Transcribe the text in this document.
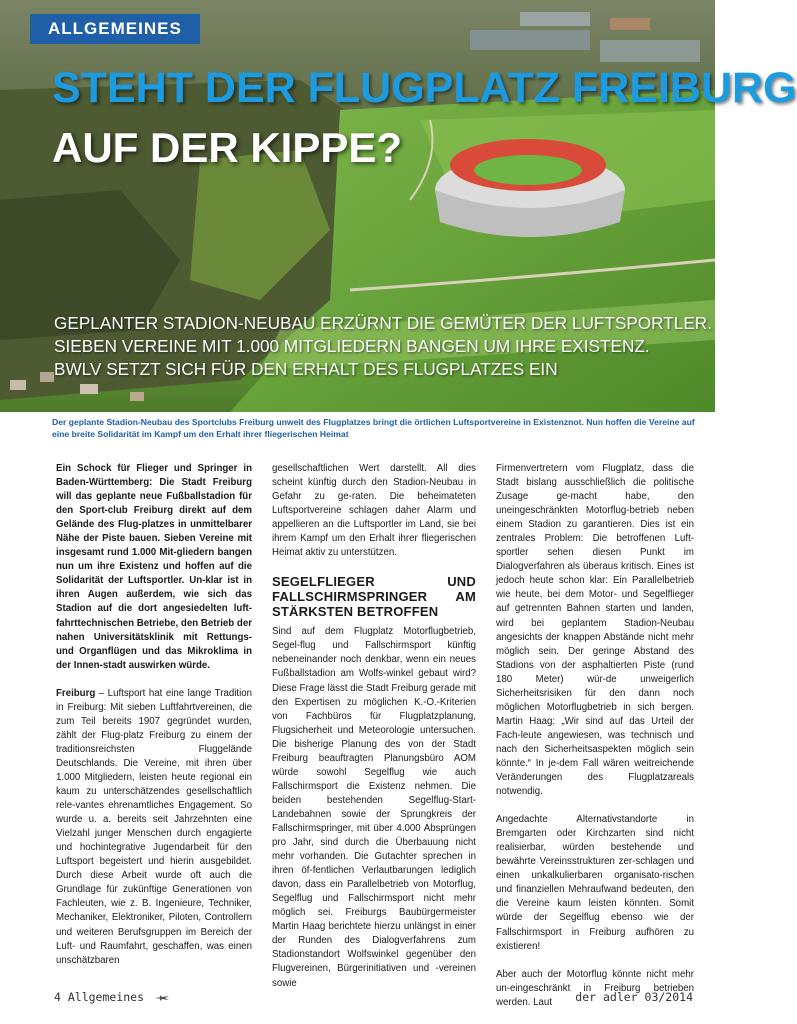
ALLGEMEINES
STEHT DER FLUGPLATZ FREIBURG
AUF DER KIPPE?
GEPLANTER STADION-NEUBAU ERZÜRNT DIE GEMÜTER DER LUFTSPORTLER.
SIEBEN VEREINE MIT 1.000 MITGLIEDERN BANGEN UM IHRE EXISTENZ.
BWLV SETZT SICH FÜR DEN ERHALT DES FLUGPLATZES EIN
Der geplante Stadion-Neubau des Sportclubs Freiburg unweit des Flugplatzes bringt die örtlichen Luftsportvereine in Existenznot. Nun hoffen die Vereine auf eine breite Solidarität im Kampf um den Erhalt ihrer fliegerischen Heimat

Ein Schock für Flieger und Springer in Baden-Württemberg: Die Stadt Freiburg will das geplante neue Fußballstadion für den Sport-club Freiburg direkt auf dem Gelände des Flug-platzes in unmittelbarer Nähe der Piste bauen. Sieben Vereine mit insgesamt rund 1.000 Mit-gliedern bangen nun um ihre Existenz und hoffen auf die Solidarität der Luftsportler. Un-klar ist in ihren Augen außerdem, wie sich das Stadion auf die dort angesiedelten luft-fahrttechnischen Betriebe, den Betrieb der nahen Universitätsklinik mit Rettungs- und Organflügen und das Mikroklima in der Innen-stadt auswirken würde.

Freiburg – Luftsport hat eine lange Tradition in Freiburg: Mit sieben Luftfahrtvereinen, die zum Teil bereits 1907 gegründet wurden, zählt der Flug-platz Freiburg zu einem der traditionsreichsten Fluggelände Deutschlands. Die Vereine, mit ihren über 1.000 Mitgliedern, leisten heute regional ein kaum zu unterschätzendes gesellschaftlich rele-vantes ehrenamtliches Engagement. So wurde u. a. bereits seit Jahrzehnten eine Vielzahl junger Menschen durch engagierte und hochintegrative Jugendarbeit für den Luftsport begeistert und hierin ausgebildet. Durch diese Arbeit wurde oft auch die Grundlage für zukünftige Generationen von Fachleuten, wie z. B. Ingenieure, Techniker, Mechaniker, Elektroniker, Piloten, Controllern und weiteren Berufsgruppen im Bereich der Luft- und Raumfahrt, geschaffen, was einen unschätzbaren

gesellschaftlichen Wert darstellt. All dies scheint künftig durch den Stadion-Neubau in Gefahr zu ge-raten. Die beheimateten Luftsportvereine schlagen daher Alarm und appellieren an die Luftsportler im Land, sie bei ihrem Kampf um den Erhalt ihrer fliegerischen Heimat aktiv zu unterstützen.

SEGELFLIEGER UND FALLSCHIRMSPRINGER AM STÄRKSTEN BETROFFEN

Sind auf dem Flugplatz Motorflugbetrieb, Segel-flug und Fallschirmsport künftig nebeneinander noch denkbar, wenn ein neues Fußballstadion am Wolfs-winkel gebaut wird? Diese Frage lässt die Stadt Freiburg gerade mit den Expertisen zu möglichen K.-O.-Kriterien von Fachbüros für Flugplatzplanung, Flugsicherheit und Meteorologie untersuchen. Die bisherige Planung des von der Stadt Freiburg beauftragten Planungsbüro AOM würde sowohl Segelflug wie auch Fallschirmsport die Existenz nehmen. Die beiden bestehenden Segelflug-Start-Landebahnen sowie der Sprungkreis der Fallschirmspringer, mit über 4.000 Absprüngen pro Jahr, sind durch die Überbauung nicht mehr vorhanden. Die Gutachter sprechen in ihren öf-fentlichen Verlautbarungen lediglich davon, dass ein Parallelbetrieb von Motorflug, Segelflug und Fallschirmsport nicht mehr möglich sei. Freiburgs Baubürgermeister Martin Haag berichtete hierzu unlängst in einer der Runden des Dialogverfahrens zum Stadionstandort Wolfswinkel gegenüber den Flugvereinen, Bürgerinitiativen und -vereinen sowie

Firmenvertretern vom Flugplatz, dass die Stadt bislang ausschließlich die politische Zusage ge-macht habe, den uneingeschränkten Motorflug-betrieb neben einem Stadion zu garantieren. Dies ist ein zentrales Problem: Die betroffenen Luft-sportler sehen diesen Punkt im Dialogverfahren als überaus kritisch. Eines ist jedoch heute schon klar: Ein Parallelbetrieb wie heute, bei dem Motor- und Segelflieger auf getrennten Bahnen starten und landen, wird bei geplantem Stadion-Neubau angesichts der knappen Abstände nicht mehr möglich sein. Der geringe Abstand des Stadions von der asphaltierten Piste (rund 180 Meter) wür-de unweigerlich Sicherheitsrisiken für den dann noch möglichen Motorflugbetrieb in sich bergen. Martin Haag: „Wir sind auf das Urteil der Fach-leute angewiesen, was technisch und nach den Sicherheitsaspekten möglich sein könnte.“ In je-dem Fall wären weitreichende Veränderungen des Flugplatzareals notwendig.

Angedachte Alternativstandorte in Bremgarten oder Kirchzarten sind nicht realisierbar, würden bestehende und bewährte Vereinsstrukturen zer-schlagen und einen unkalkulierbaren organisato-rischen und finanziellen Mehraufwand bedeuten, den die Vereine kaum leisten könnten. Somit würde der Segelflug ebenso wie der Fallschirmsport in Freiburg aufhören zu existieren!

Aber auch der Motorflug könnte nicht mehr un-eingeschränkt in Freiburg betrieben werden. Laut

4 Allgemeines	der adler 03/2014
